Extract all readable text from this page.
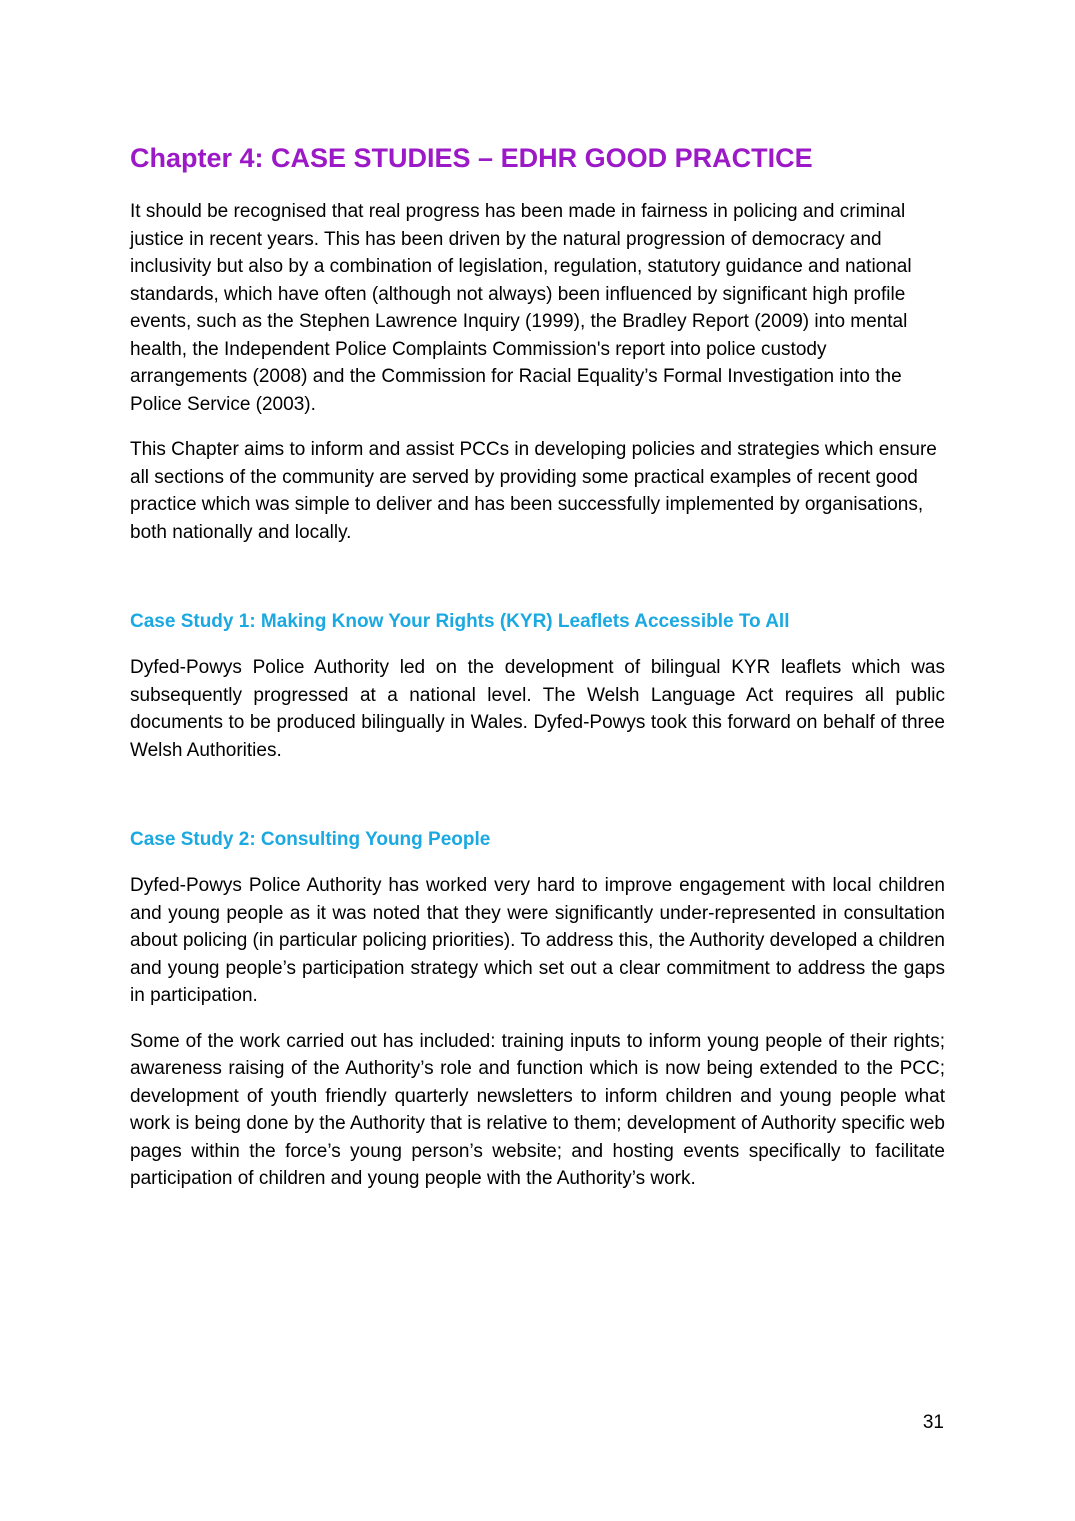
Chapter 4: CASE STUDIES – EDHR GOOD PRACTICE

It should be recognised that real progress has been made in fairness in policing and criminal justice in recent years. This has been driven by the natural progression of democracy and inclusivity but also by a combination of legislation, regulation, statutory guidance and national standards, which have often (although not always) been influenced by significant high profile events, such as the Stephen Lawrence Inquiry (1999), the Bradley Report (2009) into mental health, the Independent Police Complaints Commission's report into police custody arrangements (2008) and the Commission for Racial Equality’s Formal Investigation into the Police Service (2003).

This Chapter aims to inform and assist PCCs in developing policies and strategies which ensure all sections of the community are served by providing some practical examples of recent good practice which was simple to deliver and has been successfully implemented by organisations, both nationally and locally.

Case Study 1: Making Know Your Rights (KYR) Leaflets Accessible To All

Dyfed-Powys Police Authority led on the development of bilingual KYR leaflets which was subsequently progressed at a national level. The Welsh Language Act requires all public documents to be produced bilingually in Wales. Dyfed-Powys took this forward on behalf of three Welsh Authorities.

Case Study 2: Consulting Young People

Dyfed-Powys Police Authority has worked very hard to improve engagement with local children and young people as it was noted that they were significantly under-represented in consultation about policing (in particular policing priorities). To address this, the Authority developed a children and young people’s participation strategy which set out a clear commitment to address the gaps in participation.

Some of the work carried out has included: training inputs to inform young people of their rights; awareness raising of the Authority’s role and function which is now being extended to the PCC; development of youth friendly quarterly newsletters to inform children and young people what work is being done by the Authority that is relative to them; development of Authority specific web pages within the force’s young person’s website; and hosting events specifically to facilitate participation of children and young people with the Authority’s work.

31
